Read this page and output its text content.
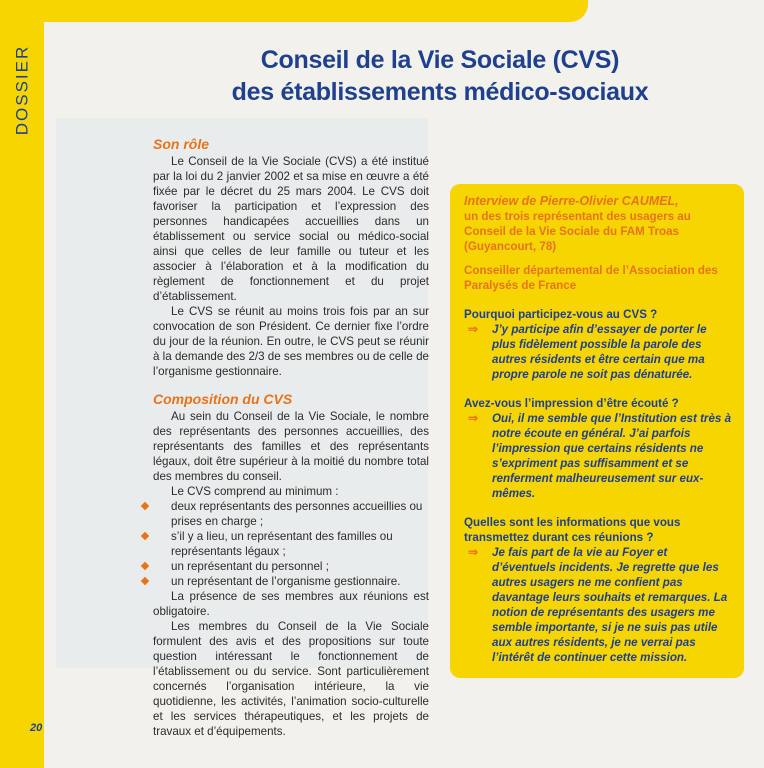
DOSSIER	Conseil de la Vie Sociale (CVS)
des établissements médico-sociaux
Son rôle

Le Conseil de la Vie Sociale (CVS) a été institué par la loi du 2 janvier 2002 et sa mise en œuvre a été fixée par le décret du 25 mars 2004. Le CVS doit favoriser la participation et l’expression des personnes handicapées accueillies dans un établissement ou service social ou médico-social ainsi que celles de leur famille ou tuteur et les associer à l’élaboration et à la modification du règlement de fonctionnement et du projet d’établissement.

Le CVS se réunit au moins trois fois par an sur convocation de son Président. Ce dernier fixe l’ordre du jour de la réunion. En outre, le CVS peut se réunir à la demande des 2/3 de ses membres ou de celle de l’organisme gestionnaire.

Composition du CVS

Au sein du Conseil de la Vie Sociale, le nombre des représentants des personnes accueillies, des représentants des familles et des représentants légaux, doit être supérieur à la moitié du nombre total des membres du conseil.

Le CVS comprend au minimum :

deux représentants des personnes accueillies ou prises en charge ;
s’il y a lieu, un représentant des familles ou représentants légaux ;
un représentant du personnel ;
un représentant de l’organisme gestionnaire.

La présence de ses membres aux réunions est obligatoire.

Les membres du Conseil de la Vie Sociale formulent des avis et des propositions sur toute question intéressant le fonctionnement de l’établissement ou du service. Sont particulièrement concernés l’organisation intérieure, la vie quotidienne, les activités, l’animation socio-culturelle et les services thérapeutiques, et les projets de travaux et d’équipements.

Interview de Pierre-Olivier CAUMEL,
un des trois représentant des usagers au Conseil de la Vie Sociale du FAM Troas (Guyancourt, 78)
Conseiller départemental de l’Association des Paralysés de France
Pourquoi participez-vous au CVS ?
⇒ J’y participe afin d’essayer de porter le plus fidèlement possible la parole des autres résidents et être certain que ma propre parole ne soit pas dénaturée.
Avez-vous l’impression d’être écouté ?
⇒ Oui, il me semble que l’Institution est très à notre écoute en général. J’ai parfois l’impression que certains résidents ne s’expriment pas suffisamment et se renferment malheureusement sur eux-mêmes.
Quelles sont les informations que vous transmettez durant ces réunions ?
⇒ Je fais part de la vie au Foyer et d’éventuels incidents. Je regrette que les autres usagers ne me confient pas davantage leurs souhaits et remarques. La notion de représentants des usagers me semble importante, si je ne suis pas utile aux autres résidents, je ne verrai pas l’intérêt de continuer cette mission.
20
